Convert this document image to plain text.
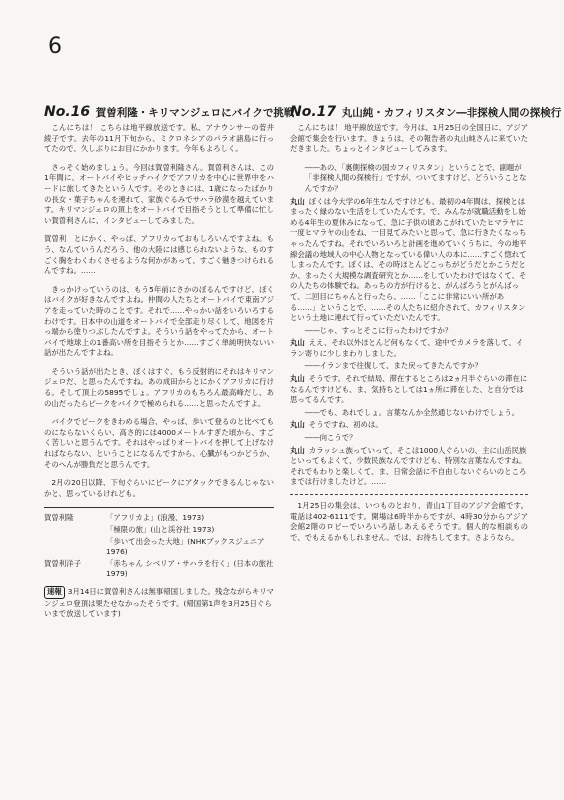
6
No.16 賀曽利隆・キリマンジェロにバイクで挑戦

こんにちは！ こちらは地平線放送です。私、アナウンサーの菅井綾子です。去年の11月下旬から、ミクロネシアのパラオ諸島に行ってたので、久しぶりにお目にかかります。今年もよろしく。

さっそく始めましょう。今回は賀曽利隆さん。賀曽利さんは、この1年間に、オートバイやヒッチハイクでアフリカを中心に世界中をハードに旅してきたという人です。そのときには、1歳になったばかりの長女・葉子ちゃんを連れて、家族ぐるみでサハラ砂漠を越えています。キリマンジェロの頂上をオートバイで目指そうとして準備に忙しい賀曽利さんに、インタビューしてみました。

賀曽利　とにかく、やっぱ、アフリカっておもしろいんですよね。もう、なんていうんだろう、他の大陸には感じられないような、ものすごく胸をわくわくさせるような何かがあって、すごく魅きつけられるんですね。……

きっかけっていうのは、もう5年前にさかのぼるんですけど、ぼくはバイクが好きなんですよね。仲間の人たちとオートバイで東南アジアを走っていた時のことです。それで……やっかい話をいろいろするわけです。日本中の山道をオートバイで全部走り尽くして、地図を片っ端から塗りつぶしたんですよ。そういう話をやってたから、オートバイで地球上の1番高い所を目指そうとか……すごく単純明快ないい話が出たんですよね。

そういう話が出たとき、ぼくはすぐ、もう反射的にそれはキリマンジェロだ、と思ったんですね。あの成田からとにかくアフリカに行ける。そして頂上の5895でしょ。アフリカのもちろん最高峰だし、あの山だったらピークをバイクで極められる……と思ったんですよ。

バイクでピークをきわめる場合、やっぱ、歩いて登るのと比べてものにならないくらい、高さ的には4000メートルすぎた頃から、すごく苦しいと思うんです。それはやっぱりオートバイを押して上げなければならない、ということになるんですから、心臓がもつかどうか、そのへんが勝負だと思うんです。

2月の20日以降、下旬ぐらいにピークにアタックできるんじゃないかと、思っているけれども。

賀曽利隆	「アフリカよ」(浪漫、1973)
「極限の旅」(山と渓谷社 1973)
「歩いて出会った大地」(NHKブックスジュニア 1976)
賀曽利洋子	「赤ちゃん シベリア・サハラを行く」(日本の旅社 1979)
速報 3月14日に賀曽利さんは無事帰国しました。残念ながらキリマンジェロ登頂は果たせなかったそうです。(帰国第1声を3月25日ぐらいまで放送しています)
No.17 丸山純・カフィリスタン―非探検人間の探検行

こんにちは！ 地平線放送です。今月は、1月25日の全国日に、アジア会館で集会を行います。きょうは、その報告者の丸山純さんに来ていただきました。ちょっとインタビューしてみます。

――あの、「裏側探検の国カフィリスタン」ということで、副題が「非探検人間の探検行」ですが、ついてますけど、どういうことなんですか？
丸山 ぼくは今大学の6年生なんですけども、最初の4年間は、探検とはまったく縁のない生活をしていたんです。で、みんなが就職活動をし始める4年生の夏休みになって、急に子供の頃あこがれていたヒマラヤに一度ヒマラヤの山をね、一目見てみたいと思って、急に行きたくなっちゃったんですね。それでいろいろと計画を進めていくうちに、今の地平線会議の地域人の中心人物となっている偉い人の本に……すごく惚れてしまったんです。ぼくは、その時ほとんどこっちがどうだとかこうだとか、まったく大規模な調査研究とか……をしていたわけではなくて、その人たちの体験でね。あっちの方が行けると、がんばろうとがんばって、二回目にちゃんと行ったら、……「ここに非常にいい所がある……」ということで、……その人たちに紹介されて、カフィリスタンという土地に連れて行っていただいたんです。
――じゃ、すっとそこに行ったわけですか？
丸山 ええ、それ以外ほとんど何もなくて、途中でカメラを落して、イラン寄りに少しまわりしました。
――イランまで往復して、また戻ってきたんですか？
丸山 そうです。それで結局、滞在するところは2ヵ月半ぐらいの滞在になるんですけども、ま、気持ちとしては1ヵ所に滞在した、と自分では思ってるんです。
――でも、あれでしょ。言葉なんか全然通じないわけでしょう。
丸山 そうですね、初めは。
――向こうで？
丸山 カラッシュ族っていって、そこは1000人ぐらいの、主に山岳民族といってもよくて、少数民族なんですけども、特別な言葉なんですね。それでもわりと楽しくて、ま、日常会話に不自由しないぐらいのところまでは行けましたけど。……

1月25日の集会は、いつものとおり、青山1丁目のアジア会館です。電話は402-6111です。開場は6時半からですが、4時30分からアジア会館2階のロビーでいろいろ話しあえるそうです。個人的な相談もので、でもえるかもしれません。では、お待ちしてます。さようなら。
